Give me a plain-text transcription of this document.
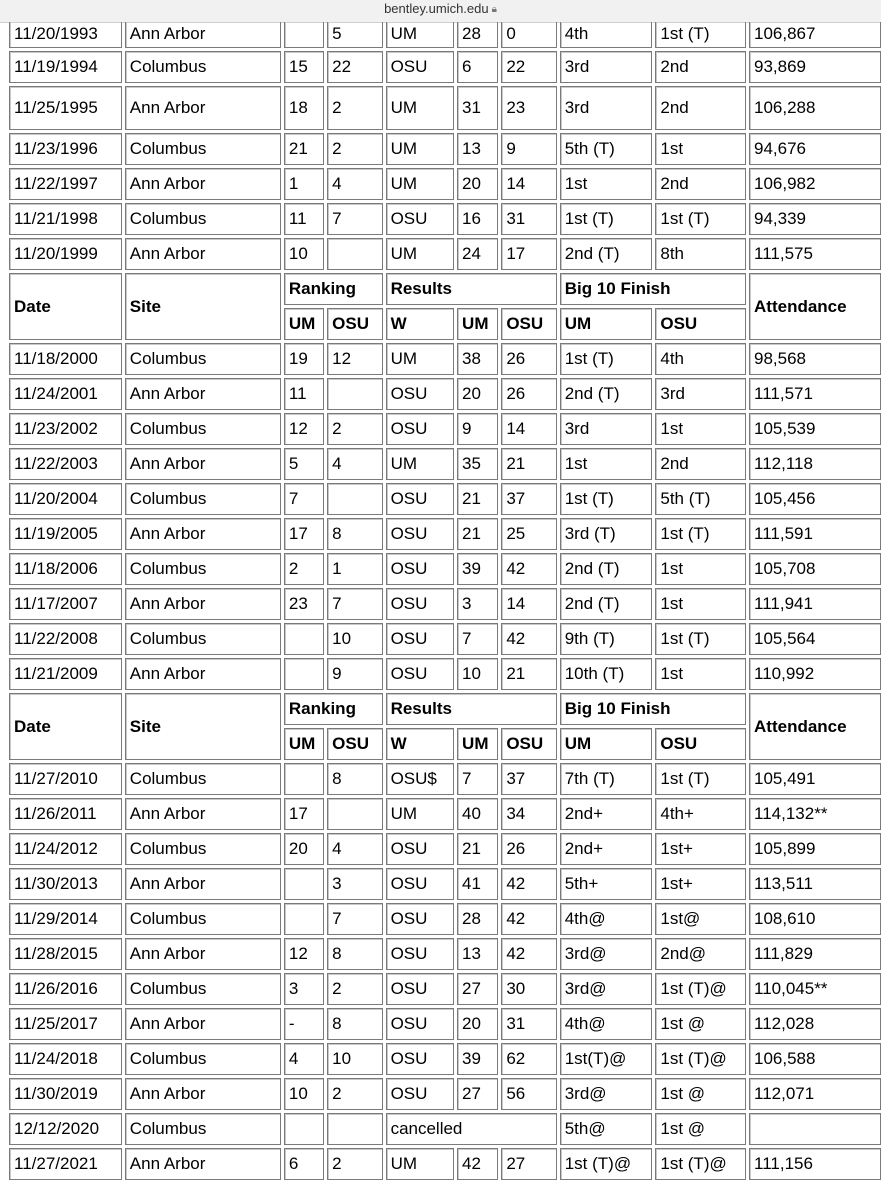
bentley.umich.edu 🔒︎
11/20/1993	Ann Arbor		5	UM	28	0	4th	1st (T)	106,867
11/19/1994	Columbus	15	22	OSU	6	22	3rd	2nd	93,869
11/25/1995	Ann Arbor	18	2	UM	31	23	3rd	2nd	106,288
11/23/1996	Columbus	21	2	UM	13	9	5th (T)	1st	94,676
11/22/1997	Ann Arbor	1	4	UM	20	14	1st	2nd	106,982
11/21/1998	Columbus	11	7	OSU	16	31	1st (T)	1st (T)	94,339
11/20/1999	Ann Arbor	10		UM	24	17	2nd (T)	8th	111,575
Date	Site	Ranking		Results			Big 10 Finish		Attendance
		UM	OSU	W	UM	OSU	UM	OSU	
11/18/2000	Columbus	19	12	UM	38	26	1st (T)	4th	98,568
11/24/2001	Ann Arbor	11		OSU	20	26	2nd (T)	3rd	111,571
11/23/2002	Columbus	12	2	OSU	9	14	3rd	1st	105,539
11/22/2003	Ann Arbor	5	4	UM	35	21	1st	2nd	112,118
11/20/2004	Columbus	7		OSU	21	37	1st (T)	5th (T)	105,456
11/19/2005	Ann Arbor	17	8	OSU	21	25	3rd (T)	1st (T)	111,591
11/18/2006	Columbus	2	1	OSU	39	42	2nd (T)	1st	105,708
11/17/2007	Ann Arbor	23	7	OSU	3	14	2nd (T)	1st	111,941
11/22/2008	Columbus		10	OSU	7	42	9th (T)	1st (T)	105,564
11/21/2009	Ann Arbor		9	OSU	10	21	10th (T)	1st	110,992
Date	Site	Ranking		Results			Big 10 Finish		Attendance
		UM	OSU	W	UM	OSU	UM	OSU	
11/27/2010	Columbus		8	OSU$	7	37	7th (T)	1st (T)	105,491
11/26/2011	Ann Arbor	17		UM	40	34	2nd+	4th+	114,132**
11/24/2012	Columbus	20	4	OSU	21	26	2nd+	1st+	105,899
11/30/2013	Ann Arbor		3	OSU	41	42	5th+	1st+	113,511
11/29/2014	Columbus		7	OSU	28	42	4th@	1st@	108,610
11/28/2015	Ann Arbor	12	8	OSU	13	42	3rd@	2nd@	111,829
11/26/2016	Columbus	3	2	OSU	27	30	3rd@	1st (T)@	110,045**
11/25/2017	Ann Arbor	-	8	OSU	20	31	4th@	1st @	112,028
11/24/2018	Columbus	4	10	OSU	39	62	1st(T)@	1st (T)@	106,588
11/30/2019	Ann Arbor	10	2	OSU	27	56	3rd@	1st @	112,071
12/12/2020	Columbus			cancelled			5th@	1st @	
11/27/2021	Ann Arbor	6	2	UM	42	27	1st (T)@	1st (T)@	111,156
